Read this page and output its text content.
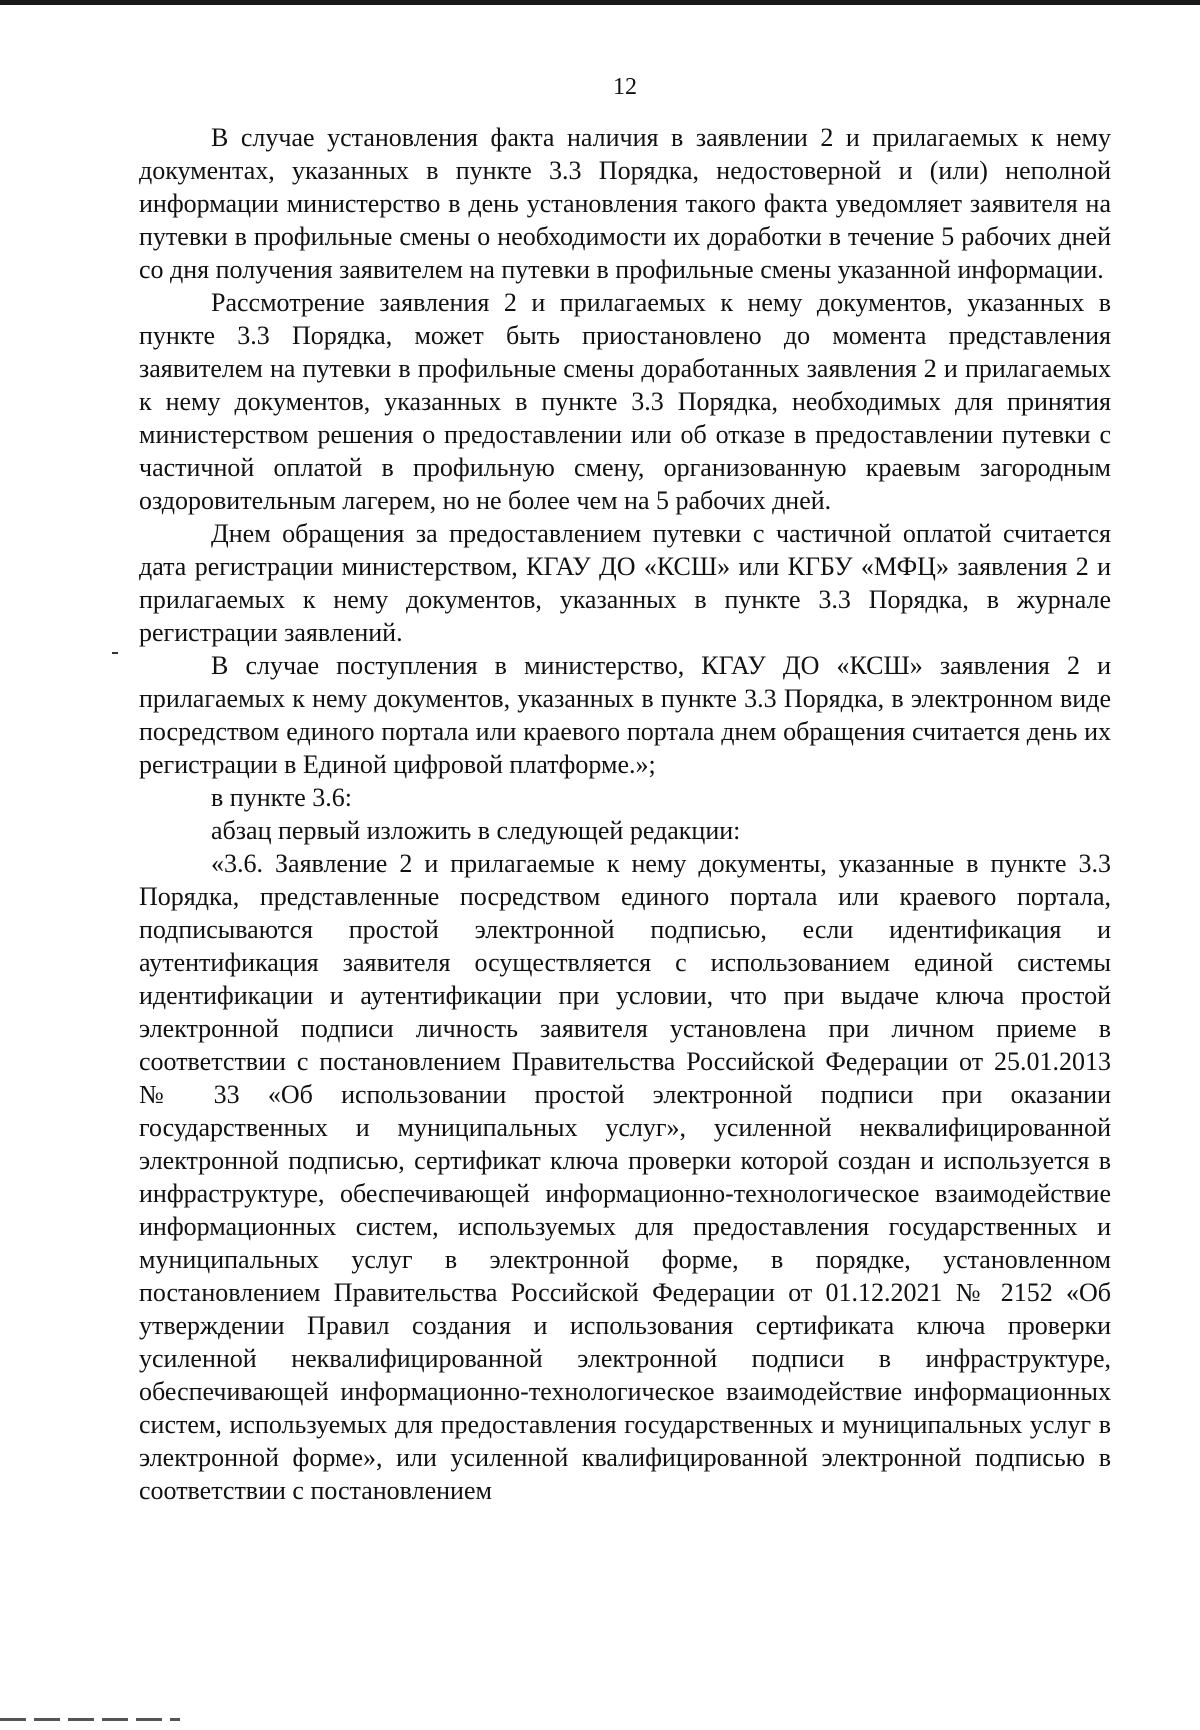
12

В случае установления факта наличия в заявлении 2 и прилагаемых к нему документах, указанных в пункте 3.3 Порядка, недостоверной и (или) неполной информации министерство в день установления такого факта уведомляет заявителя на путевки в профильные смены о необходимости их доработки в течение 5 рабочих дней со дня получения заявителем на путевки в профильные смены указанной информации.

Рассмотрение заявления 2 и прилагаемых к нему документов, указанных в пункте 3.3 Порядка, может быть приостановлено до момента представления заявителем на путевки в профильные смены доработанных заявления 2 и прилагаемых к нему документов, указанных в пункте 3.3 Порядка, необходимых для принятия министерством решения о предоставлении или об отказе в предоставлении путевки с частичной оплатой в профильную смену, организованную краевым загородным оздоровительным лагерем, но не более чем на 5 рабочих дней.

Днем обращения за предоставлением путевки с частичной оплатой считается дата регистрации министерством, КГАУ ДО «КСШ» или КГБУ «МФЦ» заявления 2 и прилагаемых к нему документов, указанных в пункте 3.3 Порядка, в журнале регистрации заявлений.

В случае поступления в министерство, КГАУ ДО «КСШ» заявления 2 и прилагаемых к нему документов, указанных в пункте 3.3 Порядка, в электронном виде посредством единого портала или краевого портала днем обращения считается день их регистрации в Единой цифровой платформе.»;

в пункте 3.6:

абзац первый изложить в следующей редакции:

«3.6. Заявление 2 и прилагаемые к нему документы, указанные в пункте 3.3 Порядка, представленные посредством единого портала или краевого портала, подписываются простой электронной подписью, если идентификация и аутентификация заявителя осуществляется с использованием единой системы идентификации и аутентификации при условии, что при выдаче ключа простой электронной подписи личность заявителя установлена при личном приеме в соответствии с постановлением Правительства Российской Федерации от 25.01.2013 № 33 «Об использовании простой электронной подписи при оказании государственных и муниципальных услуг», усиленной неквалифицированной электронной подписью, сертификат ключа проверки которой создан и используется в инфраструктуре, обеспечивающей информационно-технологическое взаимодействие информационных систем, используемых для предоставления государственных и муниципальных услуг в электронной форме, в порядке, установленном постановлением Правительства Российской Федерации от 01.12.2021 № 2152 «Об утверждении Правил создания и использования сертификата ключа проверки усиленной неквалифицированной электронной подписи в инфраструктуре, обеспечивающей информационно-технологическое взаимодействие информационных систем, используемых для предоставления государственных и муниципальных услуг в электронной форме», или усиленной квалифицированной электронной подписью в соответствии с постановлением
